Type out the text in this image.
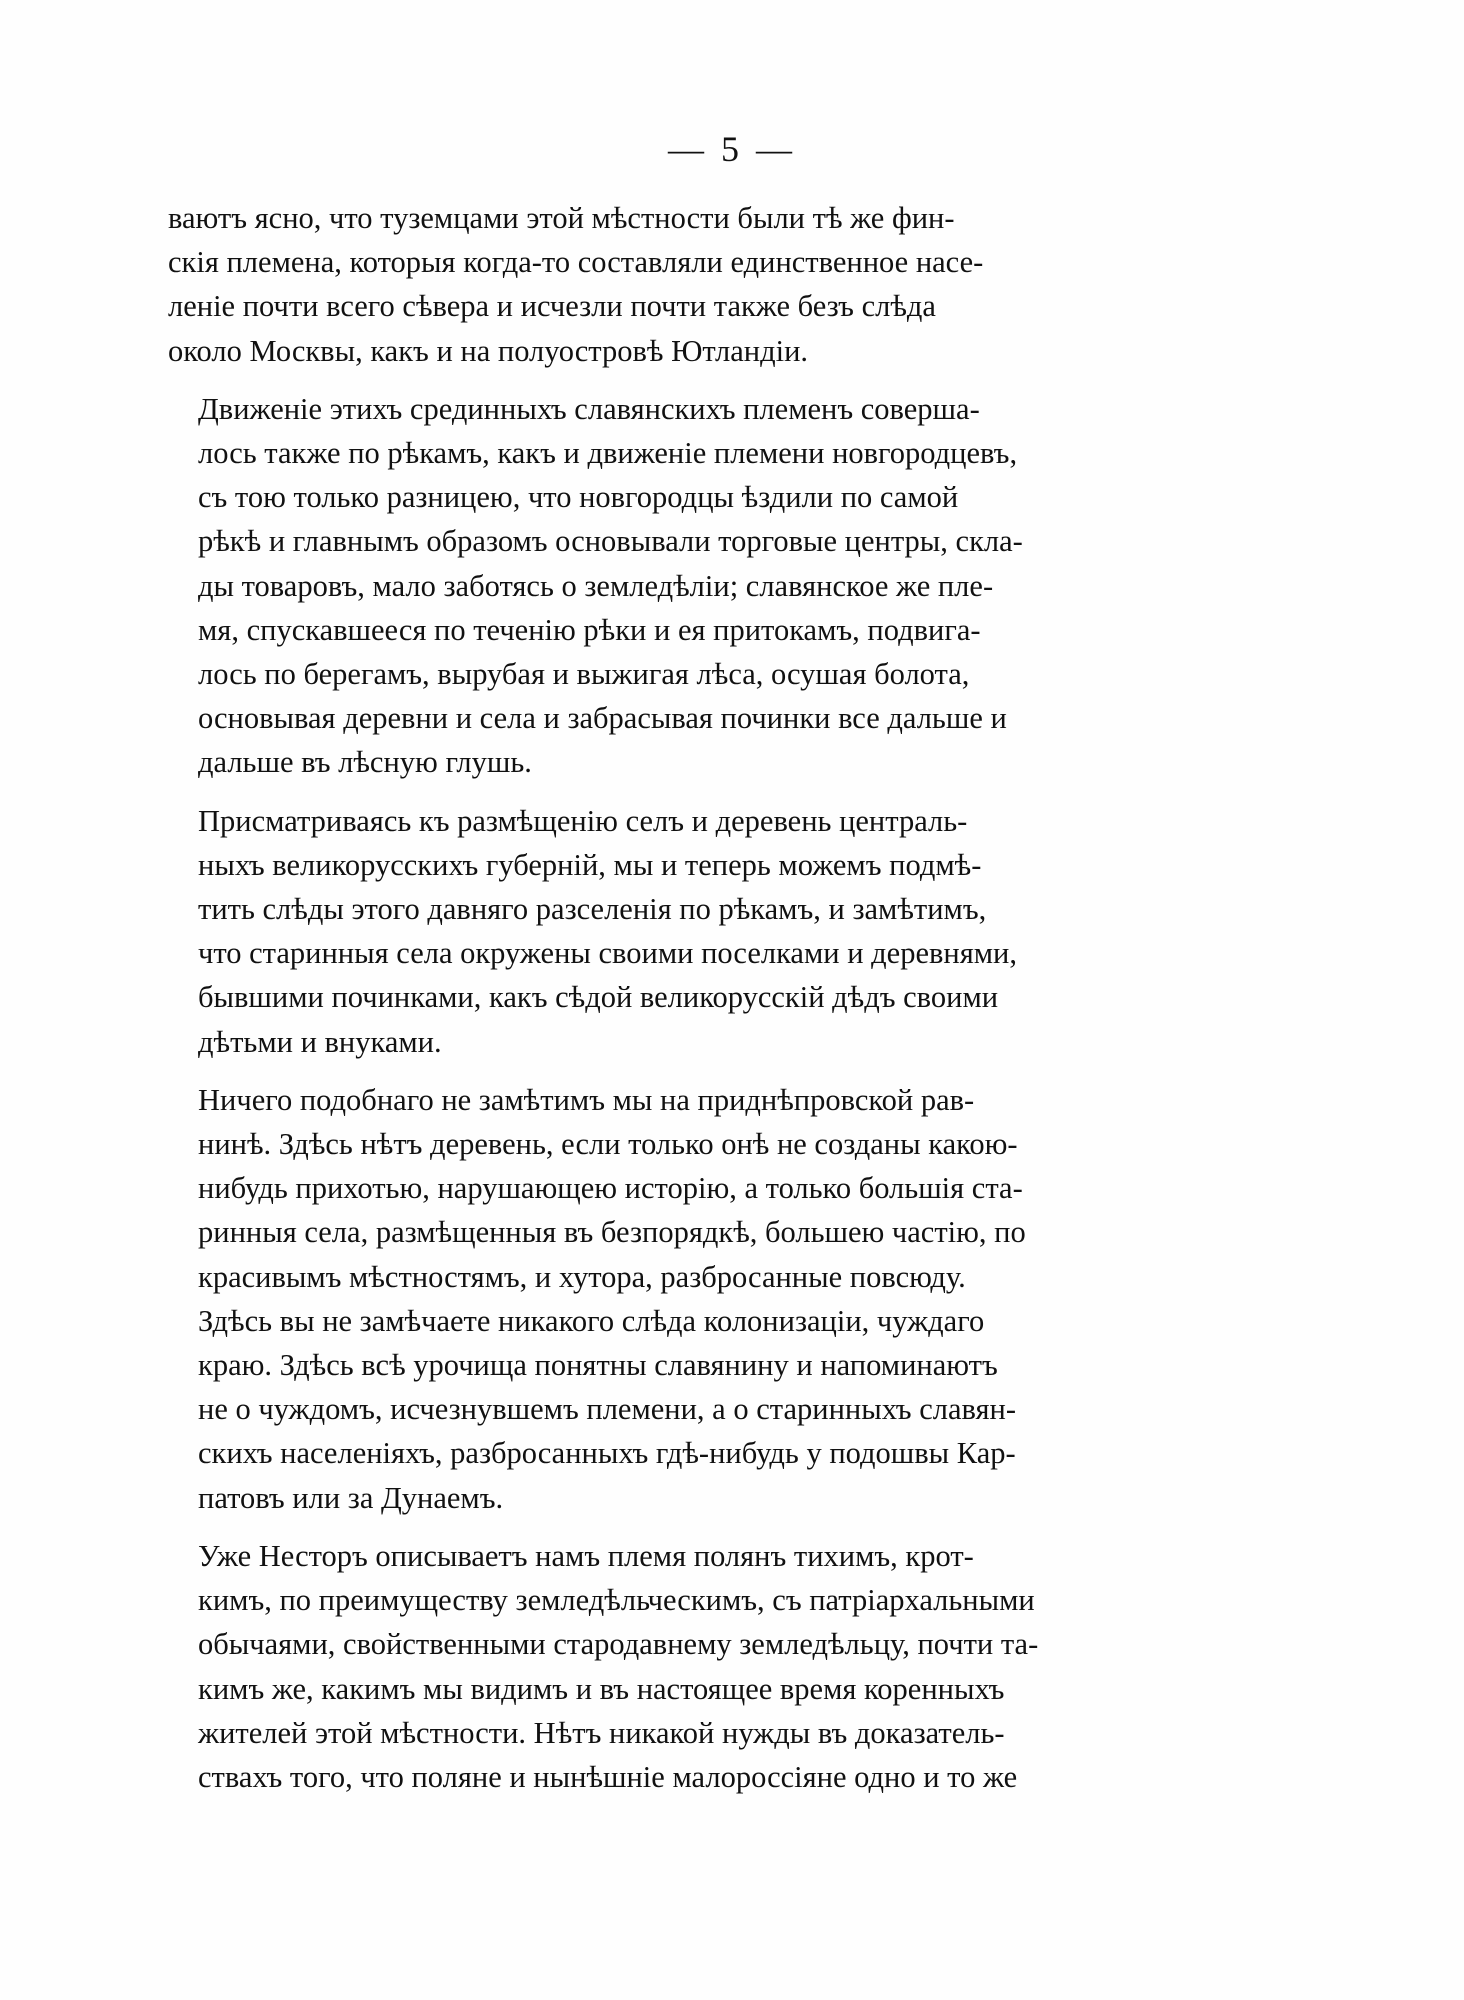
— 5 —

ваютъ ясно, что туземцами этой мѣстности были тѣ же фин-
скія племена, которыя когда-то составляли единственное насе-
леніе почти всего сѣвера и исчезли почти также безъ слѣда
около Москвы, какъ и на полуостровѣ Ютландіи.

Движеніе этихъ срединныхъ славянскихъ племенъ соверша-
лось также по рѣкамъ, какъ и движеніе племени новгородцевъ,
съ тою только разницею, что новгородцы ѣздили по самой
рѣкѣ и главнымъ образомъ основывали торговые центры, скла-
ды товаровъ, мало заботясь о земледѣліи; славянское же пле-
мя, спускавшееся по теченію рѣки и ея притокамъ, подвига-
лось по берегамъ, вырубая и выжигая лѣса, осушая болота,
основывая деревни и села и забрасывая починки все дальше и
дальше въ лѣсную глушь.

Присматриваясь къ размѣщенію селъ и деревень централь-
ныхъ великорусскихъ губерній, мы и теперь можемъ подмѣ-
тить слѣды этого давняго разселенія по рѣкамъ, и замѣтимъ,
что старинныя села окружены своими поселками и деревнями,
бывшими починками, какъ сѣдой великорусскій дѣдъ своими
дѣтьми и внуками.

Ничего подобнаго не замѣтимъ мы на приднѣпровской рав-
нинѣ. Здѣсь нѣтъ деревень, если только онѣ не созданы какою-
нибудь прихотью, нарушающею исторію, а только большія ста-
ринныя села, размѣщенныя въ безпорядкѣ, большею частію, по
красивымъ мѣстностямъ, и хутора, разбросанные повсюду.
Здѣсь вы не замѣчаете никакого слѣда колонизаціи, чуждаго
краю. Здѣсь всѣ урочища понятны славянину и напоминаютъ
не о чуждомъ, исчезнувшемъ племени, а о старинныхъ славян-
скихъ населеніяхъ, разбросанныхъ гдѣ-нибудь у подошвы Кар-
патовъ или за Дунаемъ.

Уже Несторъ описываетъ намъ племя полянъ тихимъ, крот-
кимъ, по преимуществу земледѣльческимъ, съ патріархальными
обычаями, свойственными стародавнему земледѣльцу, почти та-
кимъ же, какимъ мы видимъ и въ настоящее время коренныхъ
жителей этой мѣстности. Нѣтъ никакой нужды въ доказатель-
ствахъ того, что поляне и нынѣшніе малороссіяне одно и то же
